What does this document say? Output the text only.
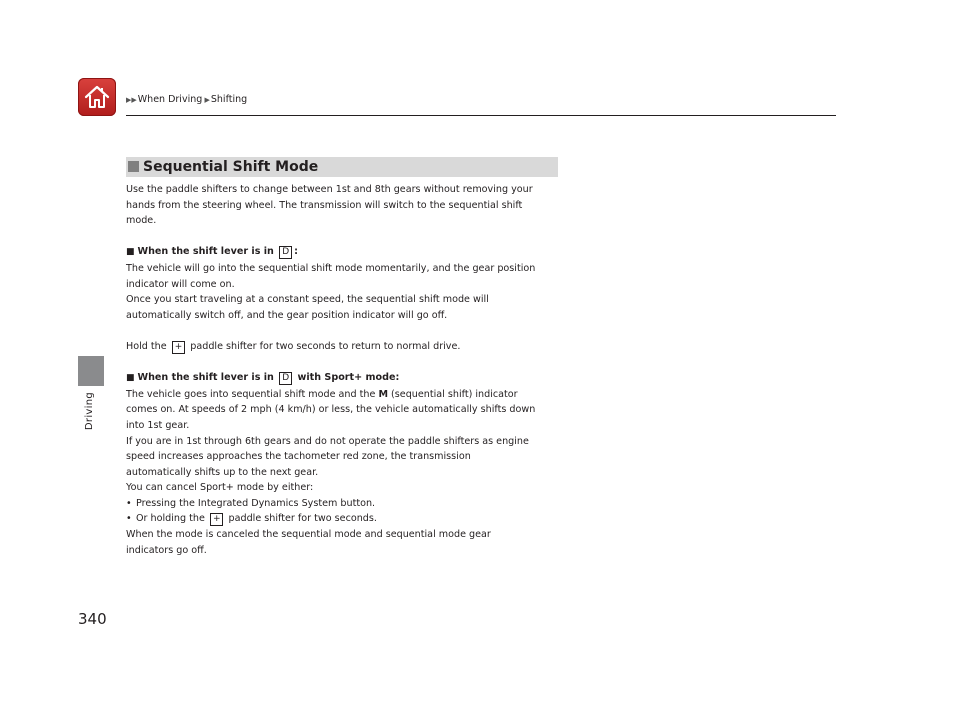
▶▶When Driving ▶Shifting
Driving
340
Sequential Shift Mode

Use the paddle shifters to change between 1st and 8th gears without removing your

hands from the steering wheel. The transmission will switch to the sequential shift

mode.

■ When the shift lever is in D :

The vehicle will go into the sequential shift mode momentarily, and the gear position

indicator will come on.

Once you start traveling at a constant speed, the sequential shift mode will

automatically switch off, and the gear position indicator will go off.

Hold the + paddle shifter for two seconds to return to normal drive.

■ When the shift lever is in D with Sport+ mode:

The vehicle goes into sequential shift mode and the M (sequential shift) indicator

comes on. At speeds of 2 mph (4 km/h) or less, the vehicle automatically shifts down

into 1st gear.

If you are in 1st through 6th gears and do not operate the paddle shifters as engine

speed increases approaches the tachometer red zone, the transmission

automatically shifts up to the next gear.

You can cancel Sport+ mode by either:

• Pressing the Integrated Dynamics System button.

• Or holding the + paddle shifter for two seconds.

When the mode is canceled the sequential mode and sequential mode gear

indicators go off.
